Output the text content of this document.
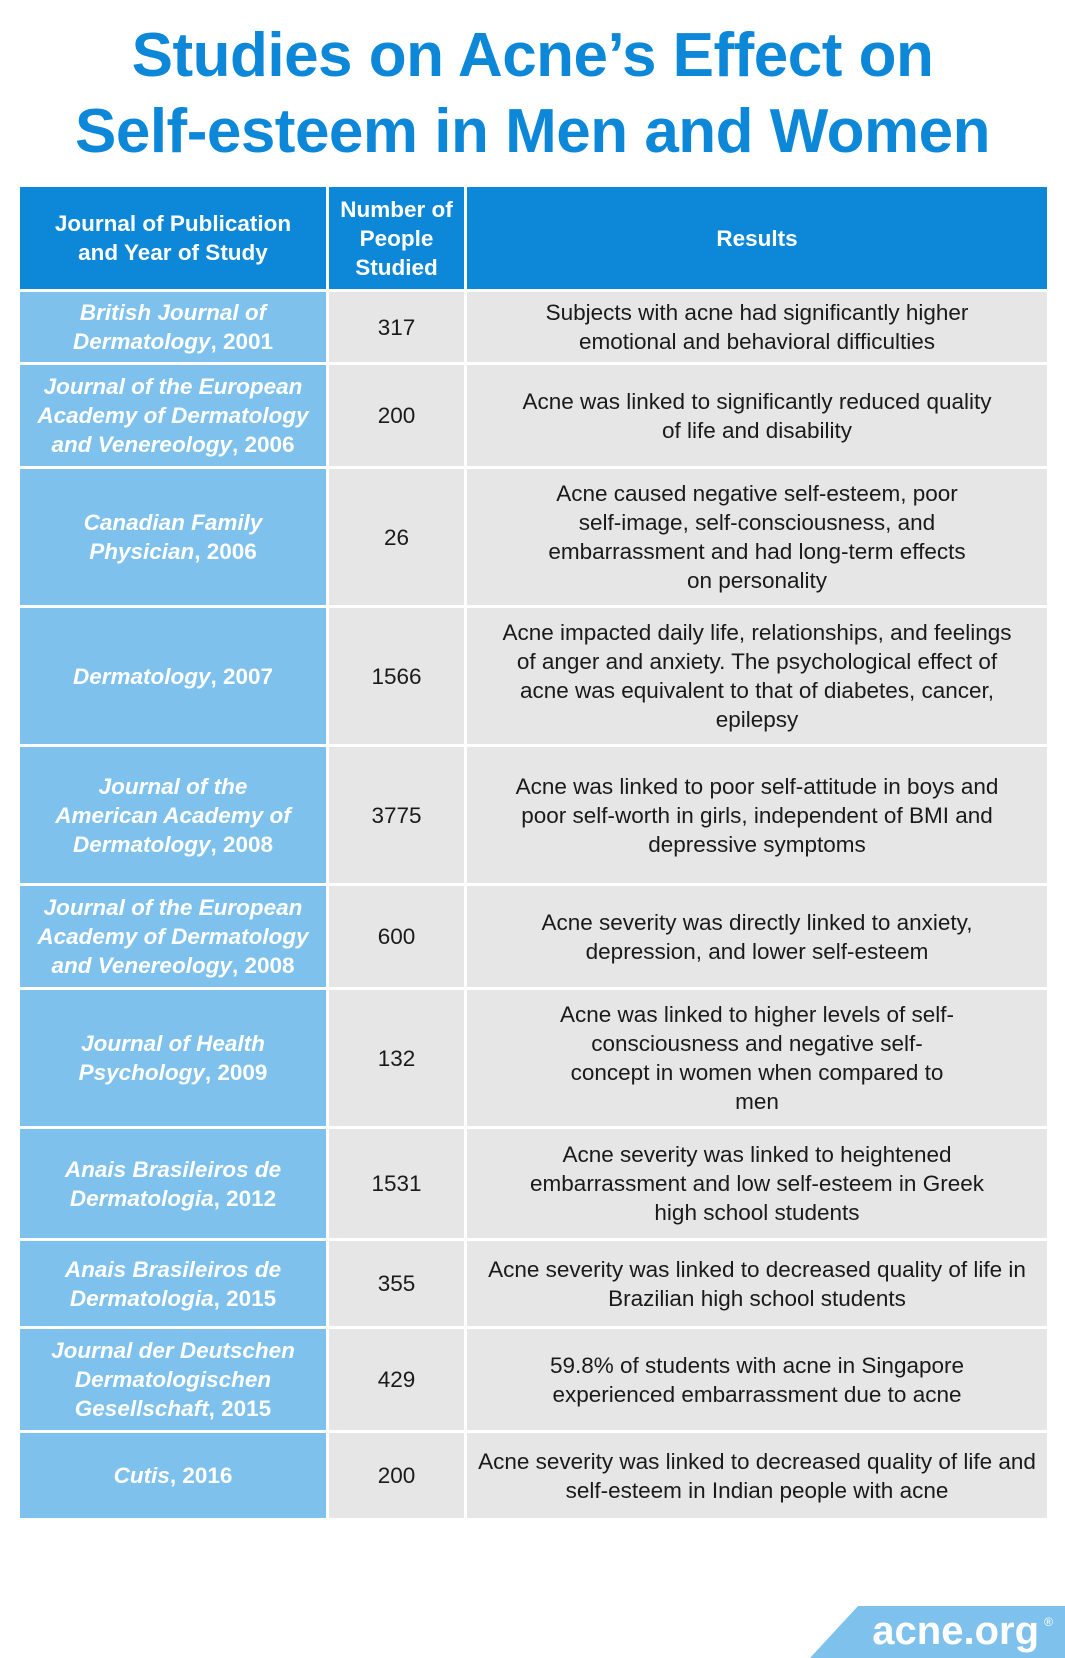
Studies on Acne’s Effect on
Self-esteem in Men and Women
Journal of Publication and Year of Study	Number of People Studied	Results
British Journal of Dermatology, 2001	317	Subjects with acne had significantly higher emotional and behavioral difficulties
Journal of the European Academy of Dermatology and Venereology, 2006	200	Acne was linked to significantly reduced quality of life and disability
Canadian Family Physician, 2006	26	Acne caused negative self-esteem, poor self-image, self-consciousness, and embarrassment and had long-term effects on personality
Dermatology, 2007	1566	Acne impacted daily life, relationships, and feelings of anger and anxiety. The psychological effect of acne was equivalent to that of diabetes, cancer, epilepsy
Journal of the American Academy of Dermatology, 2008	3775	Acne was linked to poor self-attitude in boys and poor self-worth in girls, independent of BMI and depressive symptoms
Journal of the European Academy of Dermatology and Venereology, 2008	600	Acne severity was directly linked to anxiety, depression, and lower self-esteem
Journal of Health Psychology, 2009	132	Acne was linked to higher levels of self-consciousness and negative self-concept in women when compared to men
Anais Brasileiros de Dermatologia, 2012	1531	Acne severity was linked to heightened embarrassment and low self-esteem in Greek high school students
Anais Brasileiros de Dermatologia, 2015	355	Acne severity was linked to decreased quality of life in Brazilian high school students
Journal der Deutschen Dermatologischen Gesellschaft, 2015	429	59.8% of students with acne in Singapore experienced embarrassment due to acne
Cutis, 2016	200	Acne severity was linked to decreased quality of life and self-esteem in Indian people with acne
acne.org ®
